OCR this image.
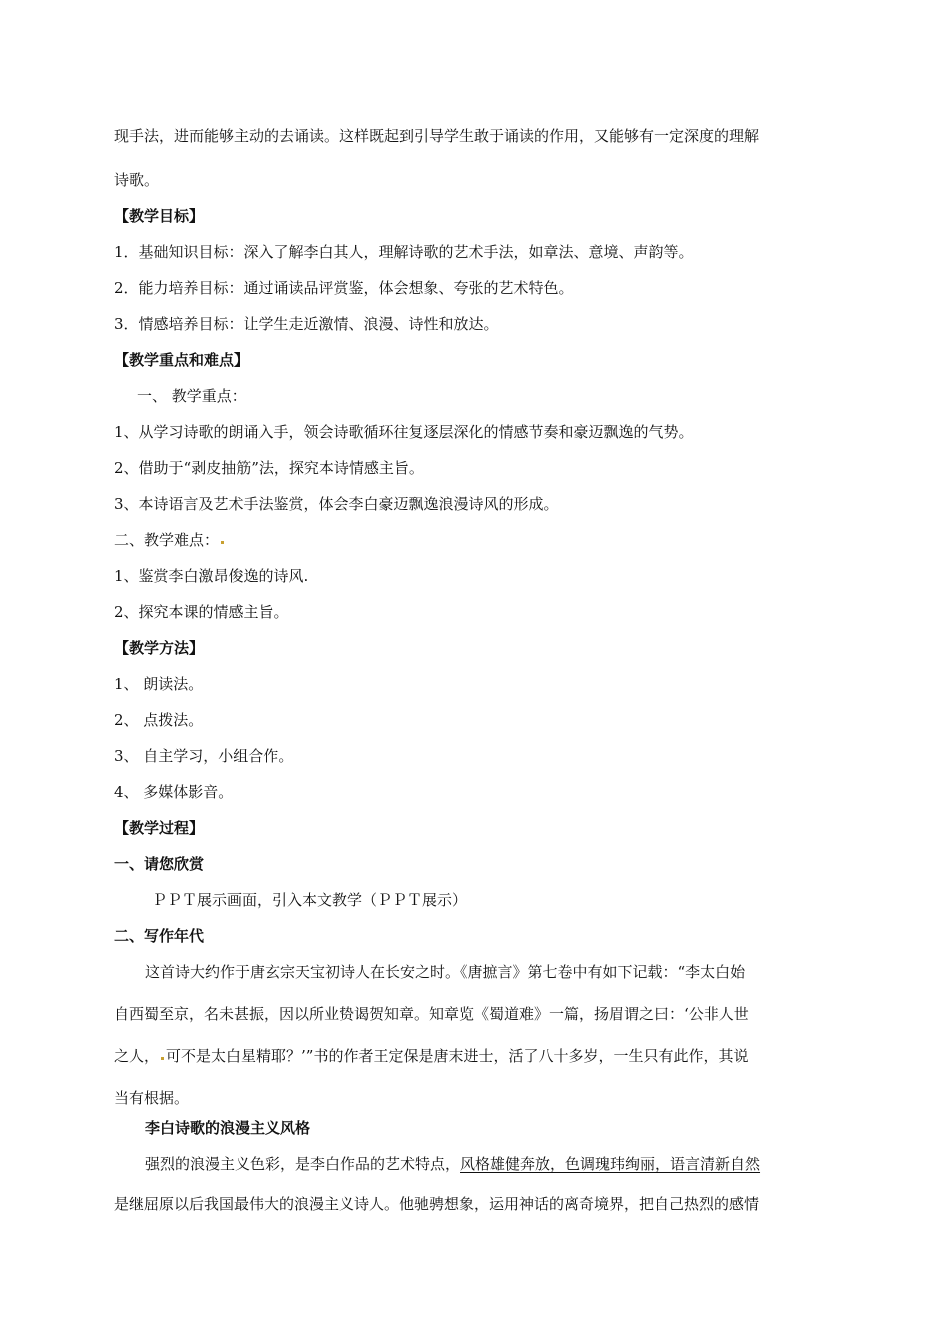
现手法，进而能够主动的去诵读。这样既起到引导学生敢于诵读的作用，又能够有一定深度的理解
诗歌。
【教学目标】
1．基础知识目标：深入了解李白其人，理解诗歌的艺术手法，如章法、意境、声韵等。
2．能力培养目标：通过诵读品评赏鉴，体会想象、夸张的艺术特色。
3．情感培养目标：让学生走近激情、浪漫、诗性和放达。
【教学重点和难点】
一、 教学重点：
1、从学习诗歌的朗诵入手，领会诗歌循环往复逐层深化的情感节奏和豪迈飘逸的气势。
2、借助于“剥皮抽筋”法，探究本诗情感主旨。
3、本诗语言及艺术手法鉴赏，体会李白豪迈飘逸浪漫诗风的形成。
二、教学难点：
1、鉴赏李白激昂俊逸的诗风.
2、探究本课的情感主旨。
【教学方法】
1、 朗读法。
2、 点拨法。
3、 自主学习，小组合作。
4、 多媒体影音。
【教学过程】
一、请您欣赏
ＰＰＴ展示画面，引入本文教学（ＰＰＴ展示）
二、写作年代
这首诗大约作于唐玄宗天宝初诗人在长安之时。《唐摭言》第七卷中有如下记载：“李太白始
自西蜀至京，名未甚振，因以所业贽谒贺知章。知章览《蜀道难》一篇，扬眉谓之曰：‘公非人世
之人， 可不是太白星精耶？’”书的作者王定保是唐末进士，活了八十多岁，一生只有此作，其说
当有根据。
李白诗歌的浪漫主义风格
强烈的浪漫主义色彩，是李白作品的艺术特点，风格雄健奔放，色调瑰玮绚丽，语言清新自然
是继屈原以后我国最伟大的浪漫主义诗人。他驰骋想象，运用神话的离奇境界，把自己热烈的感情
